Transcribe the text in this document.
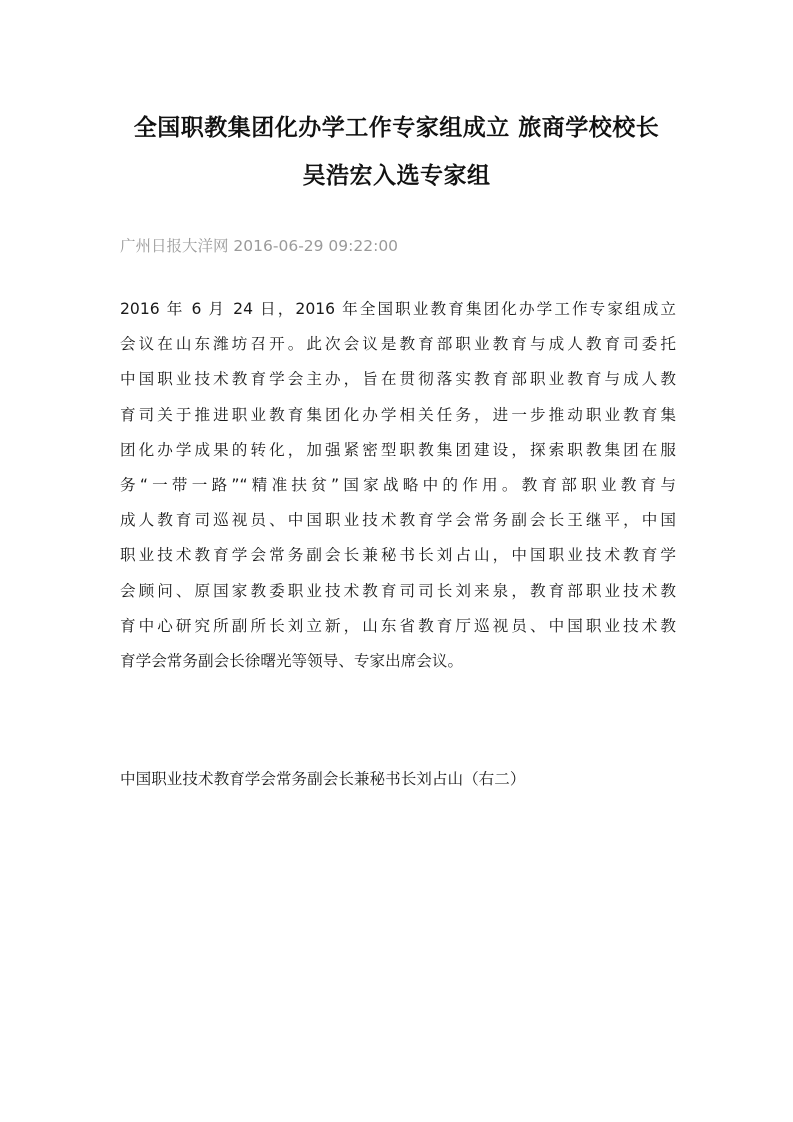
全国职教集团化办学工作专家组成立 旅商学校校长
吴浩宏入选专家组
广州日报大洋网 2016-06-29 09:22:00
2016 年 6 月 24 日，2016 年全国职业教育集团化办学工作专家组成立
会议在山东潍坊召开。此次会议是教育部职业教育与成人教育司委托
中国职业技术教育学会主办，旨在贯彻落实教育部职业教育与成人教
育司关于推进职业教育集团化办学相关任务，进一步推动职业教育集
团化办学成果的转化，加强紧密型职教集团建设，探索职教集团在服
务“一带一路”“精准扶贫”国家战略中的作用。教育部职业教育与
成人教育司巡视员、中国职业技术教育学会常务副会长王继平，中国
职业技术教育学会常务副会长兼秘书长刘占山，中国职业技术教育学
会顾问、原国家教委职业技术教育司司长刘来泉，教育部职业技术教
育中心研究所副所长刘立新，山东省教育厅巡视员、中国职业技术教
育学会常务副会长徐曙光等领导、专家出席会议。

中国职业技术教育学会常务副会长兼秘书长刘占山（右二）
